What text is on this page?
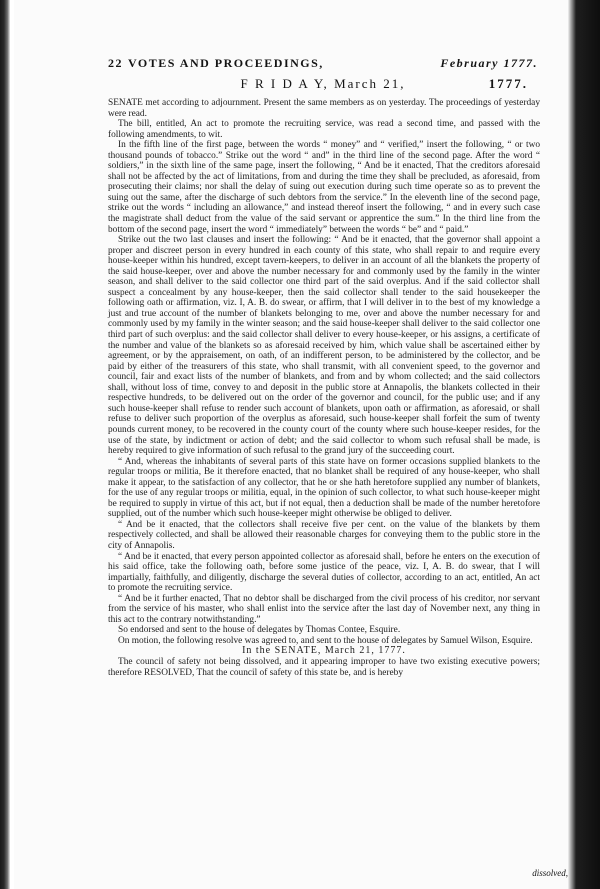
22 VOTES AND PROCEEDINGS,	February 1777.
F R I D A Y, March 21,	1777.

SENATE met according to adjournment. Present the same members as on yesterday. The proceedings of yesterday were read.

The bill, entitled, An act to promote the recruiting service, was read a second time, and passed with the following amendments, to wit.

In the fifth line of the first page, between the words “ money” and “ verified,” insert the following, “ or two thousand pounds of tobacco.” Strike out the word “ and” in the third line of the second page. After the word “ soldiers,” in the sixth line of the same page, insert the following, “ And be it enacted, That the creditors aforesaid shall not be affected by the act of limitations, from and during the time they shall be precluded, as aforesaid, from prosecuting their claims; nor shall the delay of suing out execution during such time operate so as to prevent the suing out the same, after the discharge of such debtors from the service.” In the eleventh line of the second page, strike out the words “ including an allowance,” and instead thereof insert the following, “ and in every such case the magistrate shall deduct from the value of the said servant or apprentice the sum.” In the third line from the bottom of the second page, insert the word “ immediately” between the words “ be” and “ paid.”

Strike out the two last clauses and insert the following: “ And be it enacted, that the governor shall appoint a proper and discreet person in every hundred in each county of this state, who shall repair to and require every house-keeper within his hundred, except tavern-keepers, to deliver in an account of all the blankets the property of the said house-keeper, over and above the number necessary for and commonly used by the family in the winter season, and shall deliver to the said collector one third part of the said overplus. And if the said collector shall suspect a concealment by any house-keeper, then the said collector shall tender to the said housekeeper the following oath or affirmation, viz. I, A. B. do swear, or affirm, that I will deliver in to the best of my knowledge a just and true account of the number of blankets belonging to me, over and above the number necessary for and commonly used by my family in the winter season; and the said house-keeper shall deliver to the said collector one third part of such overplus: and the said collector shall deliver to every house-keeper, or his assigns, a certificate of the number and value of the blankets so as aforesaid received by him, which value shall be ascertained either by agreement, or by the appraisement, on oath, of an indifferent person, to be administered by the collector, and be paid by either of the treasurers of this state, who shall transmit, with all convenient speed, to the governor and council, fair and exact lists of the number of blankets, and from and by whom collected; and the said collectors shall, without loss of time, convey to and deposit in the public store at Annapolis, the blankets collected in their respective hundreds, to be delivered out on the order of the governor and council, for the public use; and if any such house-keeper shall refuse to render such account of blankets, upon oath or affirmation, as aforesaid, or shall refuse to deliver such proportion of the overplus as aforesaid, such house-keeper shall forfeit the sum of twenty pounds current money, to be recovered in the county court of the county where such house-keeper resides, for the use of the state, by indictment or action of debt; and the said collector to whom such refusal shall be made, is hereby required to give information of such refusal to the grand jury of the succeeding court.

“ And, whereas the inhabitants of several parts of this state have on former occasions supplied blankets to the regular troops or militia, Be it therefore enacted, that no blanket shall be required of any house-keeper, who shall make it appear, to the satisfaction of any collector, that he or she hath heretofore supplied any number of blankets, for the use of any regular troops or militia, equal, in the opinion of such collector, to what such house-keeper might be required to supply in virtue of this act, but if not equal, then a deduction shall be made of the number heretofore supplied, out of the number which such house-keeper might otherwise be obliged to deliver.

“ And be it enacted, that the collectors shall receive five per cent. on the value of the blankets by them respectively collected, and shall be allowed their reasonable charges for conveying them to the public store in the city of Annapolis.

“ And be it enacted, that every person appointed collector as aforesaid shall, before he enters on the execution of his said office, take the following oath, before some justice of the peace, viz. I, A. B. do swear, that I will impartially, faithfully, and diligently, discharge the several duties of collector, according to an act, entitled, An act to promote the recruiting service.

“ And be it further enacted, That no debtor shall be discharged from the civil process of his creditor, nor servant from the service of his master, who shall enlist into the service after the last day of November next, any thing in this act to the contrary notwithstanding.”

So endorsed and sent to the house of delegates by Thomas Contee, Esquire.

On motion, the following resolve was agreed to, and sent to the house of delegates by Samuel Wilson, Esquire.

In the SENATE, March 21, 1777.

The council of safety not being dissolved, and it appearing improper to have two existing executive powers; therefore RESOLVED, That the council of safety of this state be, and is hereby

dissolved,
